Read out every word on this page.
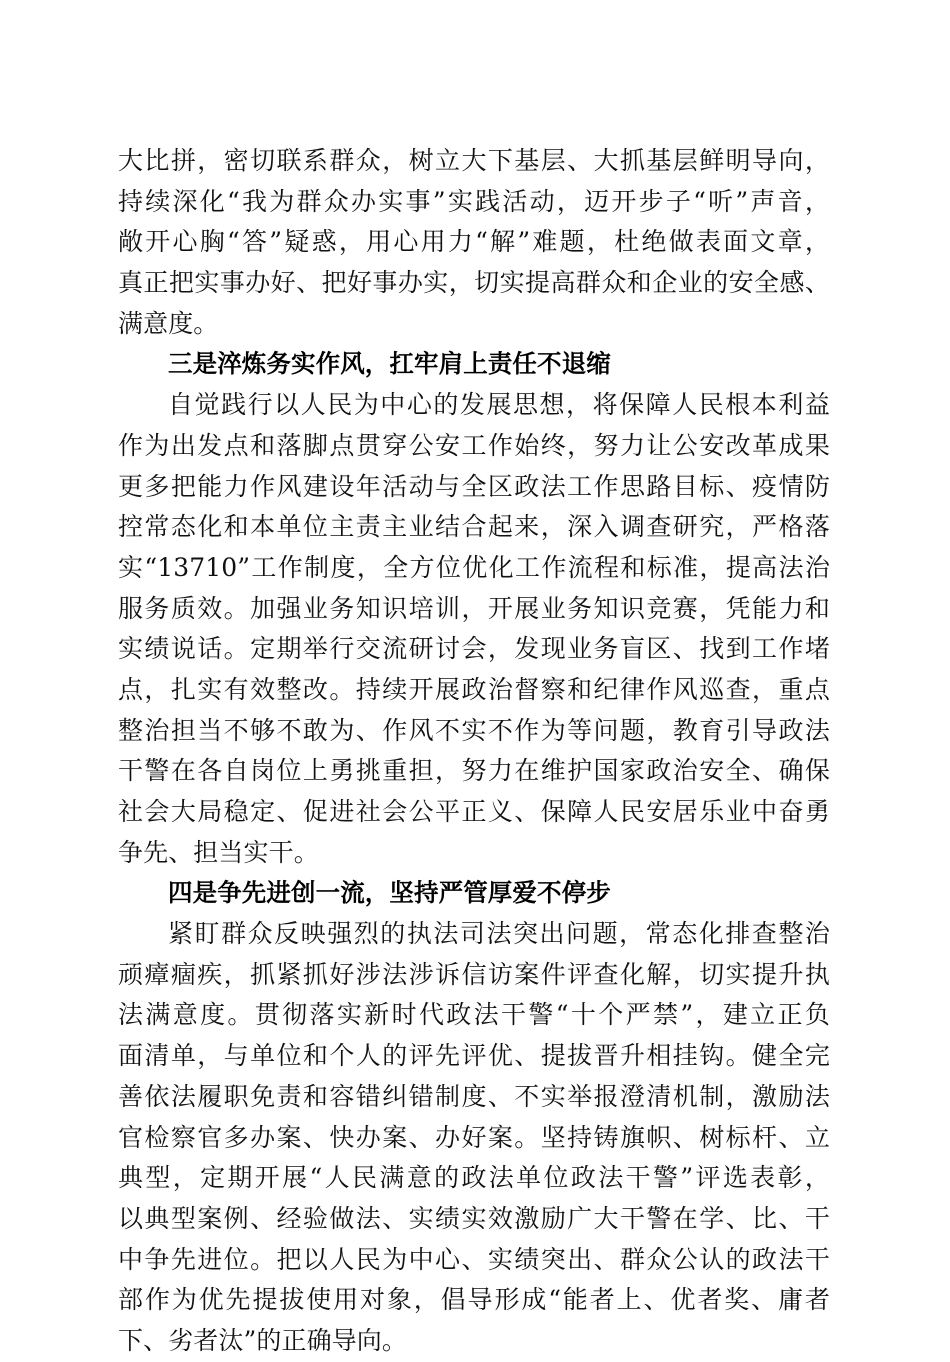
大比拼，密切联系群众，树立大下基层、大抓基层鲜明导向，
持续深化“我为群众办实事”实践活动，迈开步子“听”声音，
敞开心胸“答”疑惑，用心用力“解”难题，杜绝做表面文章，
真正把实事办好、把好事办实，切实提高群众和企业的安全感、
满意度。
三是淬炼务实作风，扛牢肩上责任不退缩
自觉践行以人民为中心的发展思想，将保障人民根本利益
作为出发点和落脚点贯穿公安工作始终，努力让公安改革成果
更多把能力作风建设年活动与全区政法工作思路目标、疫情防
控常态化和本单位主责主业结合起来，深入调查研究，严格落
实“13710”工作制度，全方位优化工作流程和标准，提高法治
服务质效。加强业务知识培训，开展业务知识竞赛，凭能力和
实绩说话。定期举行交流研讨会，发现业务盲区、找到工作堵
点，扎实有效整改。持续开展政治督察和纪律作风巡查，重点
整治担当不够不敢为、作风不实不作为等问题，教育引导政法
干警在各自岗位上勇挑重担，努力在维护国家政治安全、确保
社会大局稳定、促进社会公平正义、保障人民安居乐业中奋勇
争先、担当实干。
四是争先进创一流，坚持严管厚爱不停步
紧盯群众反映强烈的执法司法突出问题，常态化排查整治
顽瘴痼疾，抓紧抓好涉法涉诉信访案件评查化解，切实提升执
法满意度。贯彻落实新时代政法干警“十个严禁”，建立正负
面清单，与单位和个人的评先评优、提拔晋升相挂钩。健全完
善依法履职免责和容错纠错制度、不实举报澄清机制，激励法
官检察官多办案、快办案、办好案。坚持铸旗帜、树标杆、立
典型，定期开展“人民满意的政法单位政法干警”评选表彰，
以典型案例、经验做法、实绩实效激励广大干警在学、比、干
中争先进位。把以人民为中心、实绩突出、群众公认的政法干
部作为优先提拔使用对象，倡导形成“能者上、优者奖、庸者
下、劣者汰”的正确导向。
